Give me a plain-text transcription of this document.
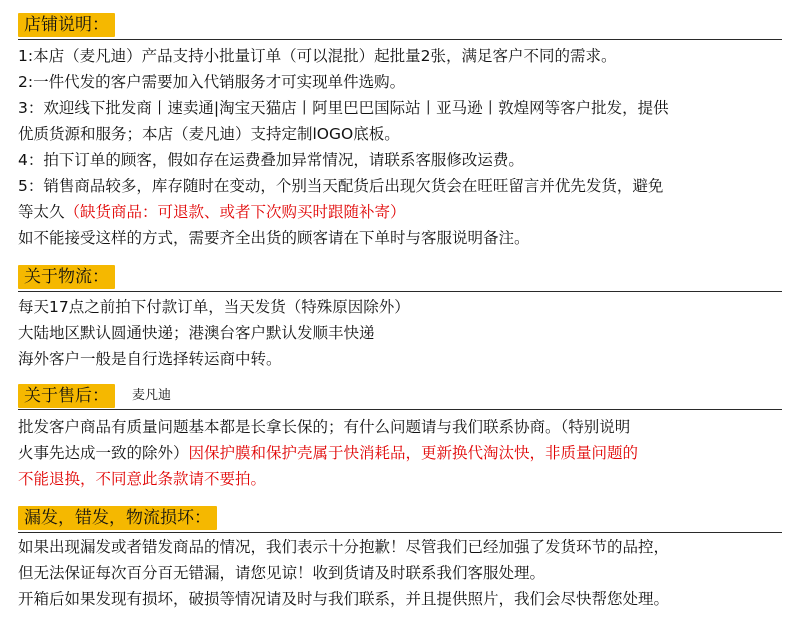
店铺说明：
1:本店（麦凡迪）产品支持小批量订单（可以混批）起批量2张，满足客户不同的需求。
2:一件代发的客户需要加入代销服务才可实现单件选购。
3：欢迎线下批发商丨速卖通|淘宝天猫店丨阿里巴巴国际站丨亚马逊丨敦煌网等客户批发，提供
优质货源和服务；本店（麦凡迪）支持定制lOGO底板。
4：拍下订单的顾客，假如存在运费叠加异常情况，请联系客服修改运费。
5：销售商品较多，库存随时在变动，个别当天配货后出现欠货会在旺旺留言并优先发货，避免
等太久（缺货商品：可退款、或者下次购买时跟随补寄）
如不能接受这样的方式，需要齐全出货的顾客请在下单时与客服说明备注。
关于物流：
每天17点之前拍下付款订单，当天发货（特殊原因除外）
大陆地区默认圆通快递；港澳台客户默认发顺丰快递
海外客户一般是自行选择转运商中转。
关于售后：	麦凡迪
批发客户商品有质量问题基本都是长拿长保的；有什么问题请与我们联系协商。（特别说明
火事先达成一致的除外）因保护膜和保护壳属于快消耗品，更新换代淘汰快，非质量问题的
不能退换，不同意此条款请不要拍。
漏发，错发，物流损坏：
如果出现漏发或者错发商品的情况，我们表示十分抱歉！尽管我们已经加强了发货环节的品控，
但无法保证每次百分百无错漏，请您见谅！收到货请及时联系我们客服处理。
开箱后如果发现有损坏，破损等情况请及时与我们联系，并且提供照片，我们会尽快帮您处理。
